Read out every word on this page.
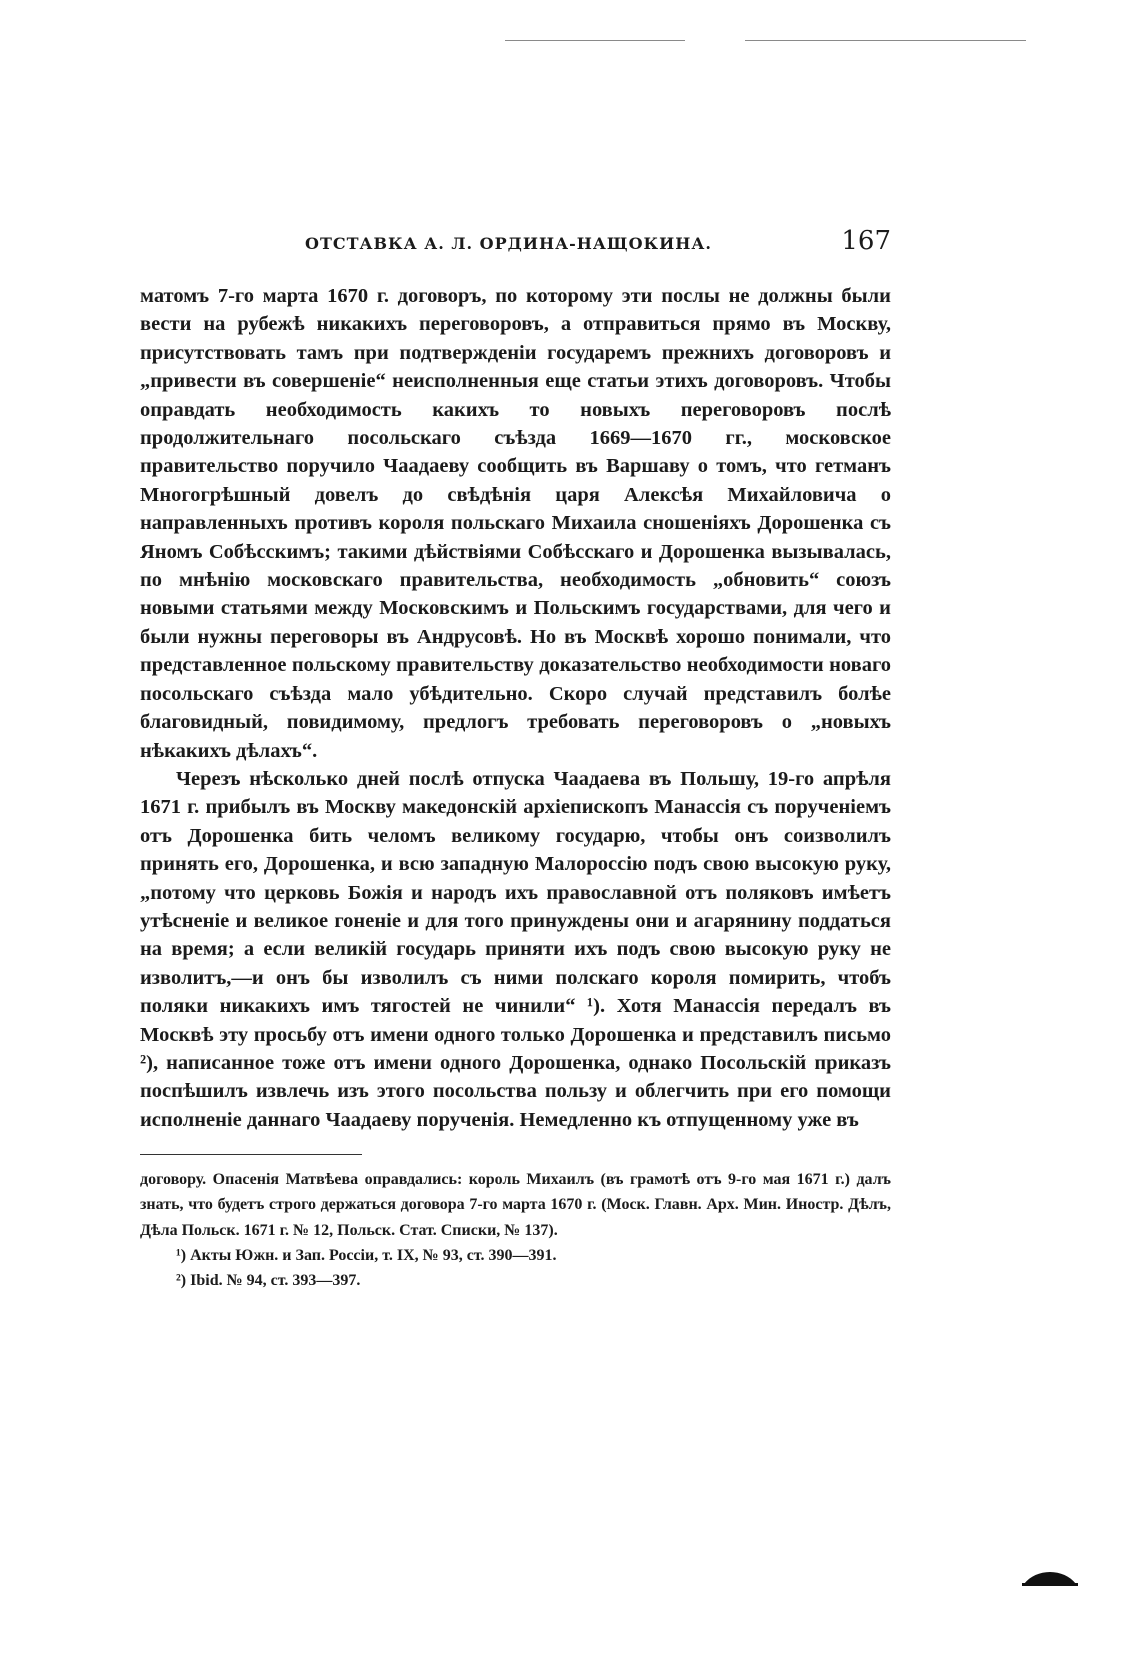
ОТСТАВКА А. Л. ОРДИНА-НАЩОКИНА.	167

матомъ 7-го марта 1670 г. договоръ, по которому эти послы не должны были вести на рубежѣ никакихъ переговоровъ, а отправиться прямо въ Москву, присутствовать тамъ при подтвержденіи государемъ прежнихъ договоровъ и „привести въ совершеніе“ неисполненныя еще статьи этихъ договоровъ. Чтобы оправдать необходимость какихъ то новыхъ переговоровъ послѣ продолжительнаго посольскаго съѣзда 1669—1670 гг., московское правительство поручило Чаадаеву сообщить въ Варшаву о томъ, что гетманъ Многогрѣшный довелъ до свѣдѣнія царя Алексѣя Михайловича о направленныхъ противъ короля польскаго Михаила сношеніяхъ Дорошенка съ Яномъ Собѣсскимъ; такими дѣйствіями Собѣсскаго и Дорошенка вызывалась, по мнѣнію московскаго правительства, необходимость „обновить“ союзъ новыми статьями между Московскимъ и Польскимъ государствами, для чего и были нужны переговоры въ Андрусовѣ. Но въ Москвѣ хорошо понимали, что представленное польскому правительству доказательство необходимости новаго посольскаго съѣзда мало убѣдительно. Скоро случай представилъ болѣе благовидный, повидимому, предлогъ требовать переговоровъ о „новыхъ нѣкакихъ дѣлахъ“.

Черезъ нѣсколько дней послѣ отпуска Чаадаева въ Польшу, 19-го апрѣля 1671 г. прибылъ въ Москву македонскій архіепископъ Манассія съ порученіемъ отъ Дорошенка бить челомъ великому государю, чтобы онъ соизволилъ принять его, Дорошенка, и всю западную Малороссію подъ свою высокую руку, „потому что церковь Божія и народъ ихъ православной отъ поляковъ имѣетъ утѣсненіе и великое гоненіе и для того принуждены они и агарянину поддаться на время; а если великій государь приняти ихъ подъ свою высокую руку не изволитъ,—и онъ бы изволилъ съ ними полскаго короля помирить, чтобъ поляки никакихъ имъ тягостей не чинили“ ¹). Хотя Манассія передалъ въ Москвѣ эту просьбу отъ имени одного только Дорошенка и представилъ письмо ²), написанное тоже отъ имени одного Дорошенка, однако Посольскій приказъ поспѣшилъ извлечь изъ этого посольства пользу и облегчить при его помощи исполненіе даннаго Чаадаеву порученія. Немедленно къ отпущенному уже въ

договору. Опасенія Матвѣева оправдались: король Михаилъ (въ грамотѣ отъ 9-го мая 1671 г.) далъ знать, что будетъ строго держаться договора 7-го марта 1670 г. (Моск. Главн. Арх. Мин. Иностр. Дѣлъ, Дѣла Польск. 1671 г. № 12, Польск. Стат. Списки, № 137).

¹) Акты Южн. и Зап. Россіи, т. IX, № 93, ст. 390—391.

²) Ibid. № 94, ст. 393—397.
